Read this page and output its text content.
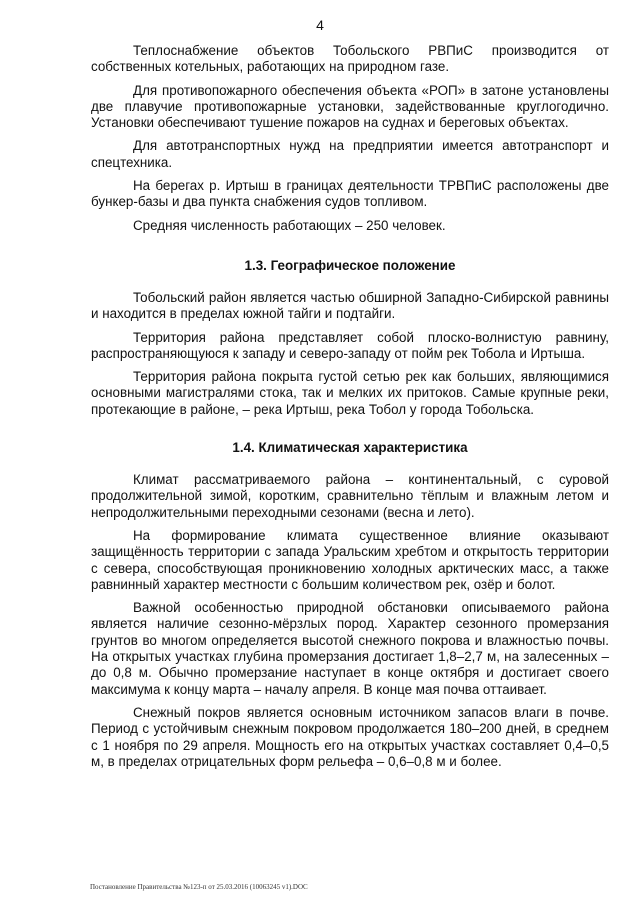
4

Теплоснабжение объектов Тобольского РВПиС производится от собственных котельных, работающих на природном газе.

Для противопожарного обеспечения объекта «РОП» в затоне установлены две плавучие противопожарные установки, задействованные круглогодично. Установки обеспечивают тушение пожаров на суднах и береговых объектах.

Для автотранспортных нужд на предприятии имеется автотранспорт и спецтехника.

На берегах р. Иртыш в границах деятельности ТРВПиС расположены две бункер-базы и два пункта снабжения судов топливом.

Средняя численность работающих – 250 человек.

1.3. Географическое положение

Тобольский район является частью обширной Западно-Сибирской равнины и находится в пределах южной тайги и подтайги.

Территория района представляет собой плоско-волнистую равнину, распространяющуюся к западу и северо-западу от пойм рек Тобола и Иртыша.

Территория района покрыта густой сетью рек как больших, являющимися основными магистралями стока, так и мелких их притоков. Самые крупные реки, протекающие в районе, – река Иртыш, река Тобол у города Тобольска.

1.4. Климатическая характеристика

Климат рассматриваемого района – континентальный, с суровой продолжительной зимой, коротким, сравнительно тёплым и влажным летом и непродолжительными переходными сезонами (весна и лето).

На формирование климата существенное влияние оказывают защищённость территории с запада Уральским хребтом и открытость территории с севера, способствующая проникновению холодных арктических масс, а также равнинный характер местности с большим количеством рек, озёр и болот.

Важной особенностью природной обстановки описываемого района является наличие сезонно-мёрзлых пород. Характер сезонного промерзания грунтов во многом определяется высотой снежного покрова и влажностью почвы. На открытых участках глубина промерзания достигает 1,8–2,7 м, на залесенных – до 0,8 м. Обычно промерзание наступает в конце октября и достигает своего максимума к концу марта – началу апреля. В конце мая почва оттаивает.

Снежный покров является основным источником запасов влаги в почве. Период с устойчивым снежным покровом продолжается 180–200 дней, в среднем с 1 ноября по 29 апреля. Мощность его на открытых участках составляет 0,4–0,5 м, в пределах отрицательных форм рельефа – 0,6–0,8 м и более.

Постановление Правительства №123-п от 25.03.2016 (10063245 v1).DOC
